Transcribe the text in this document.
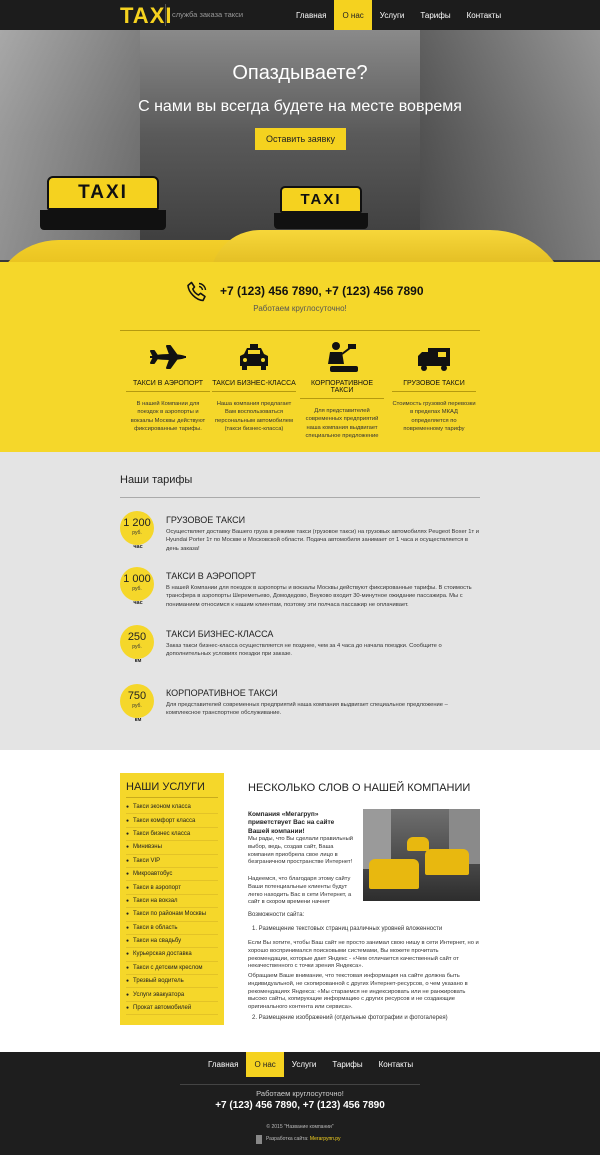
TAXI служба заказа такси	Главная	О нас	Услуги	Тарифы	Контакты
TAXI	TAXI
Опаздываете?
С нами вы всегда будете на месте вовремя
Оставить заявку
+7 (123) 456 7890, +7 (123) 456 7890
Работаем круглосуточно!
ТАКСИ В АЭРОПОРТ
В нашей Компании для поездок в аэропорты и вокзалы Москвы действуют фиксированные тарифы.
ТАКСИ БИЗНЕС-КЛАССА
Наша компания предлагает Вам воспользоваться персональным автомобилем (такси бизнес-класса)
КОРПОРАТИВНОЕ ТАКСИ
Для представителей современных предприятий наша компания выдвигает специальное предложение
ГРУЗОВОЕ ТАКСИ
Стоимость грузовой перевозки в пределах МКАД определяется по повременному тарифу
Наши тарифы
1 200
руб.
час
ГРУЗОВОЕ ТАКСИ
Осуществляет доставку Вашего груза в режиме такси (грузовое такси) на грузовых автомобилях Peugeot Boxer 1т и Hyundai Porter 1т по Москве и Московской области. Подача автомобиля занимает от 1 часа и осуществляется в день заказа!
1 000
руб.
час
ТАКСИ В АЭРОПОРТ
В нашей Компании для поездок в аэропорты и вокзалы Москвы действуют фиксированные тарифы. В стоимость трансфера в аэропорты Шереметьево, Домодедово, Внуково входит 30-минутное ожидание пассажира. Мы с пониманием относимся к нашим клиентам, поэтому эти полчаса пассажир не оплачивает.
250
руб.
км
ТАКСИ БИЗНЕС-КЛАССА
Заказ такси бизнес-класса осуществляется не позднее, чем за 4 часа до начала поездки. Сообщите о дополнительных условиях поездки при заказе.
750
руб.
км
КОРПОРАТИВНОЕ ТАКСИ
Для представителей современных предприятий наша компания выдвигает специальное предложение – комплексное транспортное обслуживание.
НАШИ УСЛУГИ
● Такси эконом класса
● Такси комфорт класса
● Такси бизнес класса
● Минивэны
● Такси VIP
● Микроавтобус
● Такси в аэропорт
● Такси на вокзал
● Такси по районам Москвы
● Такси в область
● Такси на свадьбу
● Курьерская доставка
● Такси с детским креслом
● Трезвый водитель
● Услуги эвакуатора
● Прокат автомобилей
НЕСКОЛЬКО СЛОВ О НАШЕЙ КОМПАНИИ
Компания «Мегагруп» приветствует Вас на сайте Вашей компании!
Мы рады, что Вы сделали правильный выбор, ведь, создав сайт, Ваша компания приобрела свое лицо в безграничном пространстве Интернет!
Надеемся, что благодаря этому сайту Ваши потенциальные клиенты будут легко находить Вас в сети Интернет, а сайт в скором времени начнет
Возможности сайта:
1. Размещение текстовых страниц различных уровней вложенности
Если Вы хотите, чтобы Ваш сайт не просто занимал свою нишу в сети Интернет, но и хорошо воспринимался поисковыми системами, Вы можете прочитать рекомендации, которые дает Яндекс - «Чем отличается качественный сайт от некачественного с точки зрения Яндекса».
Обращаем Ваше внимание, что текстовая информация на сайте должна быть индивидуальной, не скопированной с других Интернет-ресурсов, о чем указано в рекомендациях Яндекса: «Мы стараемся не индексировать или не ранжировать высоко сайты, копирующие информацию с других ресурсов и не создающие оригинального контента или сервиса».
2. Размещение изображений (отдельные фотографии и фотогалерея)
Главная	О нас	Услуги	Тарифы	Контакты
Работаем круглосуточно!
+7 (123) 456 7890, +7 (123) 456 7890
© 2015 "Название компании"
Разработка сайта: Мегагрупп.ру
